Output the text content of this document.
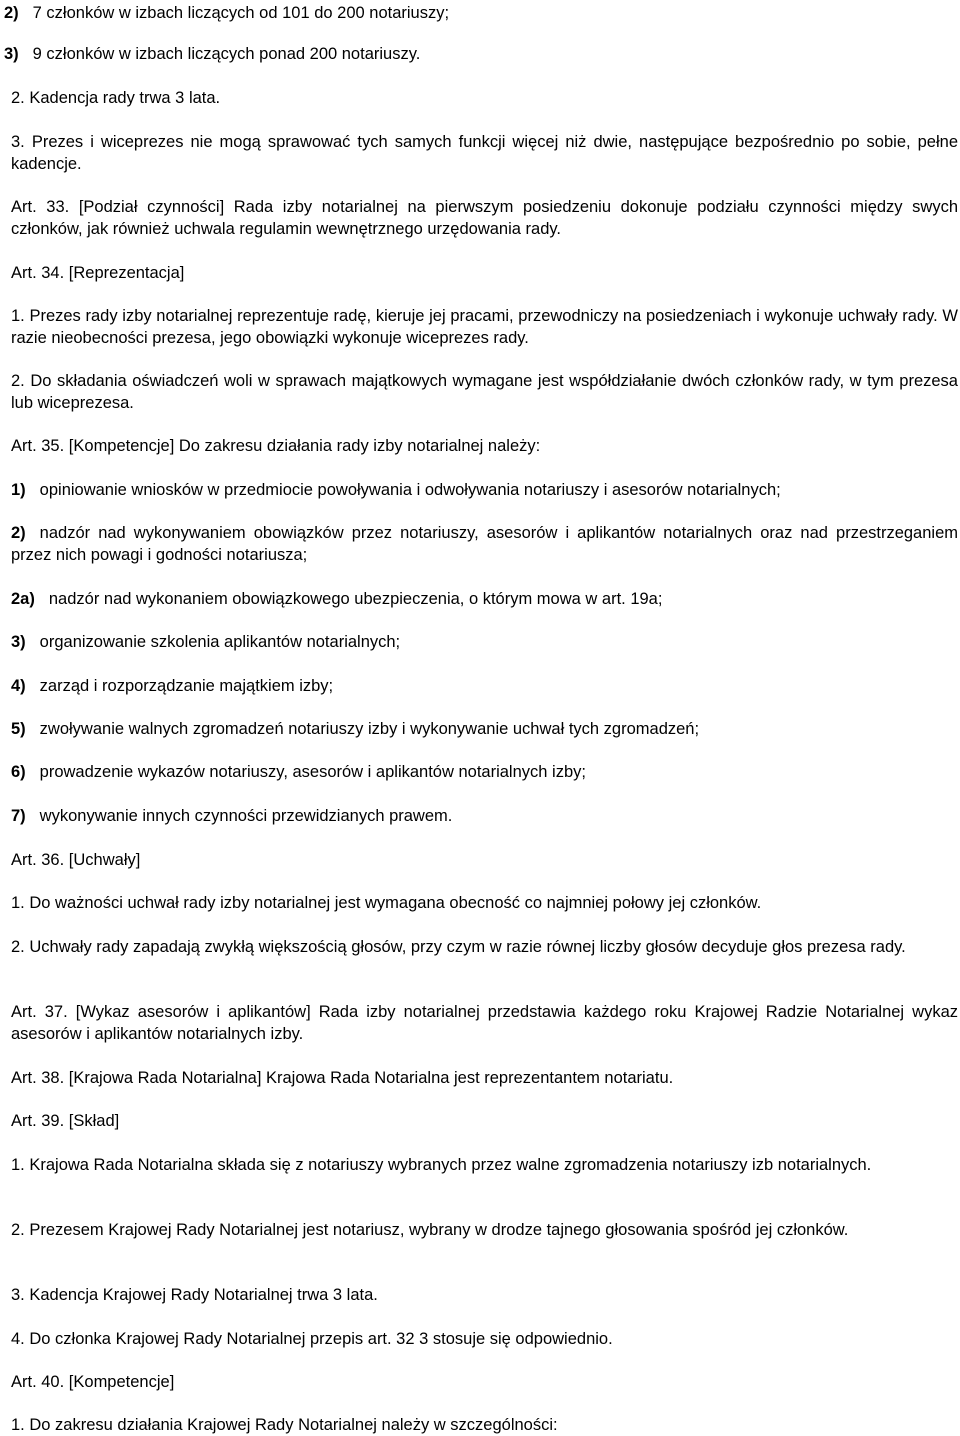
2) 7 członków w izbach liczących od 101 do 200 notariuszy;

3) 9 członków w izbach liczących ponad 200 notariuszy.

2. Kadencja rady trwa 3 lata.

3. Prezes i wiceprezes nie mogą sprawować tych samych funkcji więcej niż dwie, następujące bezpośrednio po sobie, pełne kadencje.

Art. 33. [Podział czynności] Rada izby notarialnej na pierwszym posiedzeniu dokonuje podziału czynności między swych członków, jak również uchwala regulamin wewnętrznego urzędowania rady.

Art. 34. [Reprezentacja]

1. Prezes rady izby notarialnej reprezentuje radę, kieruje jej pracami, przewodniczy na posiedzeniach i wykonuje uchwały rady. W razie nieobecności prezesa, jego obowiązki wykonuje wiceprezes rady.

2. Do składania oświadczeń woli w sprawach majątkowych wymagane jest współdziałanie dwóch członków rady, w tym prezesa lub wiceprezesa.

Art. 35. [Kompetencje] Do zakresu działania rady izby notarialnej należy:

1) opiniowanie wniosków w przedmiocie powoływania i odwoływania notariuszy i asesorów notarialnych;

2) nadzór nad wykonywaniem obowiązków przez notariuszy, asesorów i aplikantów notarialnych oraz nad przestrzeganiem przez nich powagi i godności notariusza;

2a) nadzór nad wykonaniem obowiązkowego ubezpieczenia, o którym mowa w art. 19a;

3) organizowanie szkolenia aplikantów notarialnych;

4) zarząd i rozporządzanie majątkiem izby;

5) zwoływanie walnych zgromadzeń notariuszy izby i wykonywanie uchwał tych zgromadzeń;

6) prowadzenie wykazów notariuszy, asesorów i aplikantów notarialnych izby;

7) wykonywanie innych czynności przewidzianych prawem.

Art. 36. [Uchwały]

1. Do ważności uchwał rady izby notarialnej jest wymagana obecność co najmniej połowy jej członków.

2. Uchwały rady zapadają zwykłą większością głosów, przy czym w razie równej liczby głosów decyduje głos prezesa rady.

Art. 37. [Wykaz asesorów i aplikantów] Rada izby notarialnej przedstawia każdego roku Krajowej Radzie Notarialnej wykaz asesorów i aplikantów notarialnych izby.

Art. 38. [Krajowa Rada Notarialna] Krajowa Rada Notarialna jest reprezentantem notariatu.

Art. 39. [Skład]

1. Krajowa Rada Notarialna składa się z notariuszy wybranych przez walne zgromadzenia notariuszy izb notarialnych.

2. Prezesem Krajowej Rady Notarialnej jest notariusz, wybrany w drodze tajnego głosowania spośród jej członków.

3. Kadencja Krajowej Rady Notarialnej trwa 3 lata.

4. Do członka Krajowej Rady Notarialnej przepis art. 32 3 stosuje się odpowiednio.

Art. 40. [Kompetencje]

1. Do zakresu działania Krajowej Rady Notarialnej należy w szczególności:
